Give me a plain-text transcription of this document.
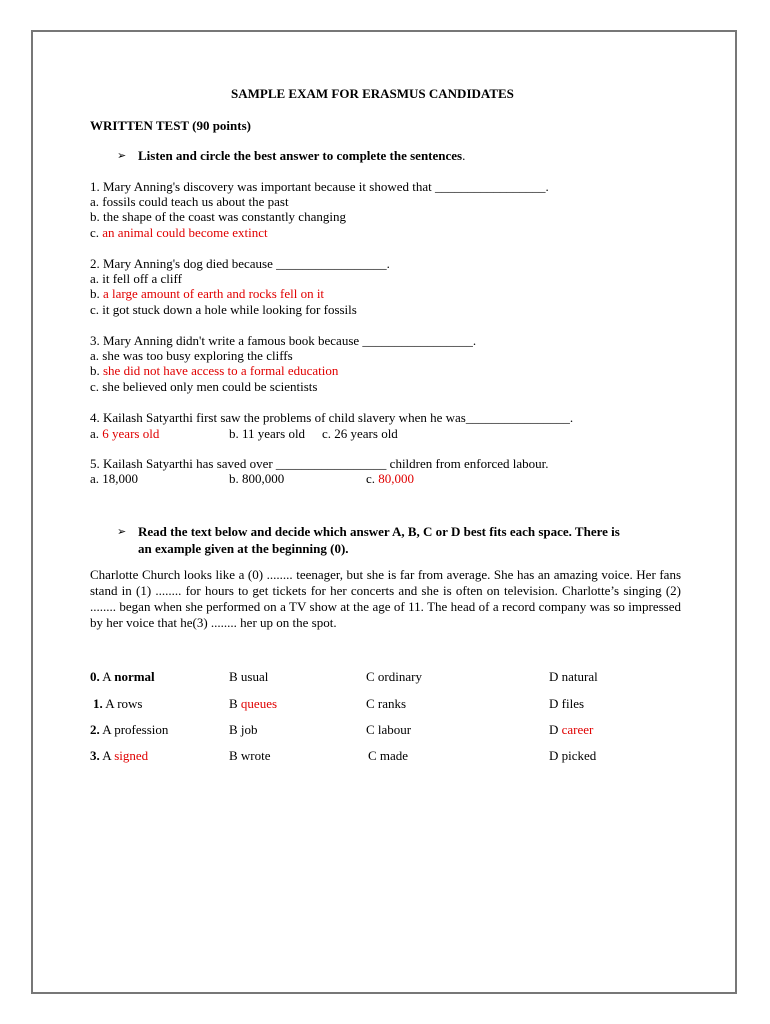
SAMPLE EXAM FOR ERASMUS CANDIDATES
WRITTEN TEST (90 points)
➢ Listen and circle the best answer to complete the sentences.
1. Mary Anning's discovery was important because it showed that _________________.
a. fossils could teach us about the past
b. the shape of the coast was constantly changing
c. an animal could become extinct
2. Mary Anning's dog died because _________________.
a. it fell off a cliff
b. a large amount of earth and rocks fell on it
c. it got stuck down a hole while looking for fossils
3. Mary Anning didn't write a famous book because _________________.
a. she was too busy exploring the cliffs
b. she did not have access to a formal education
c. she believed only men could be scientists
4. Kailash Satyarthi first saw the problems of child slavery when he was________________.
a. 6 years old	b. 11 years old c. 26 years old
5. Kailash Satyarthi has saved over _________________ children from enforced labour.
a. 18,000	b. 800,000	c. 80,000
➢ Read the text below and decide which answer A, B, C or D best fits each space. There is
an example given at the beginning (0).
Charlotte Church looks like a (0) ........ teenager, but she is far from average. She has an amazing voice. Her fans stand in (1) ........ for hours to get tickets for her concerts and she is often on television. Charlotte’s singing (2) ........ began when she performed on a TV show at the age of 11. The head of a record company was so impressed by her voice that he(3) ........ her up on the spot.
0. A normal	B usual	C ordinary	D natural
1. A rows	B queues	C ranks	D files
2. A profession	B job	C labour	D career
3. A signed	B wrote	C made	D picked
